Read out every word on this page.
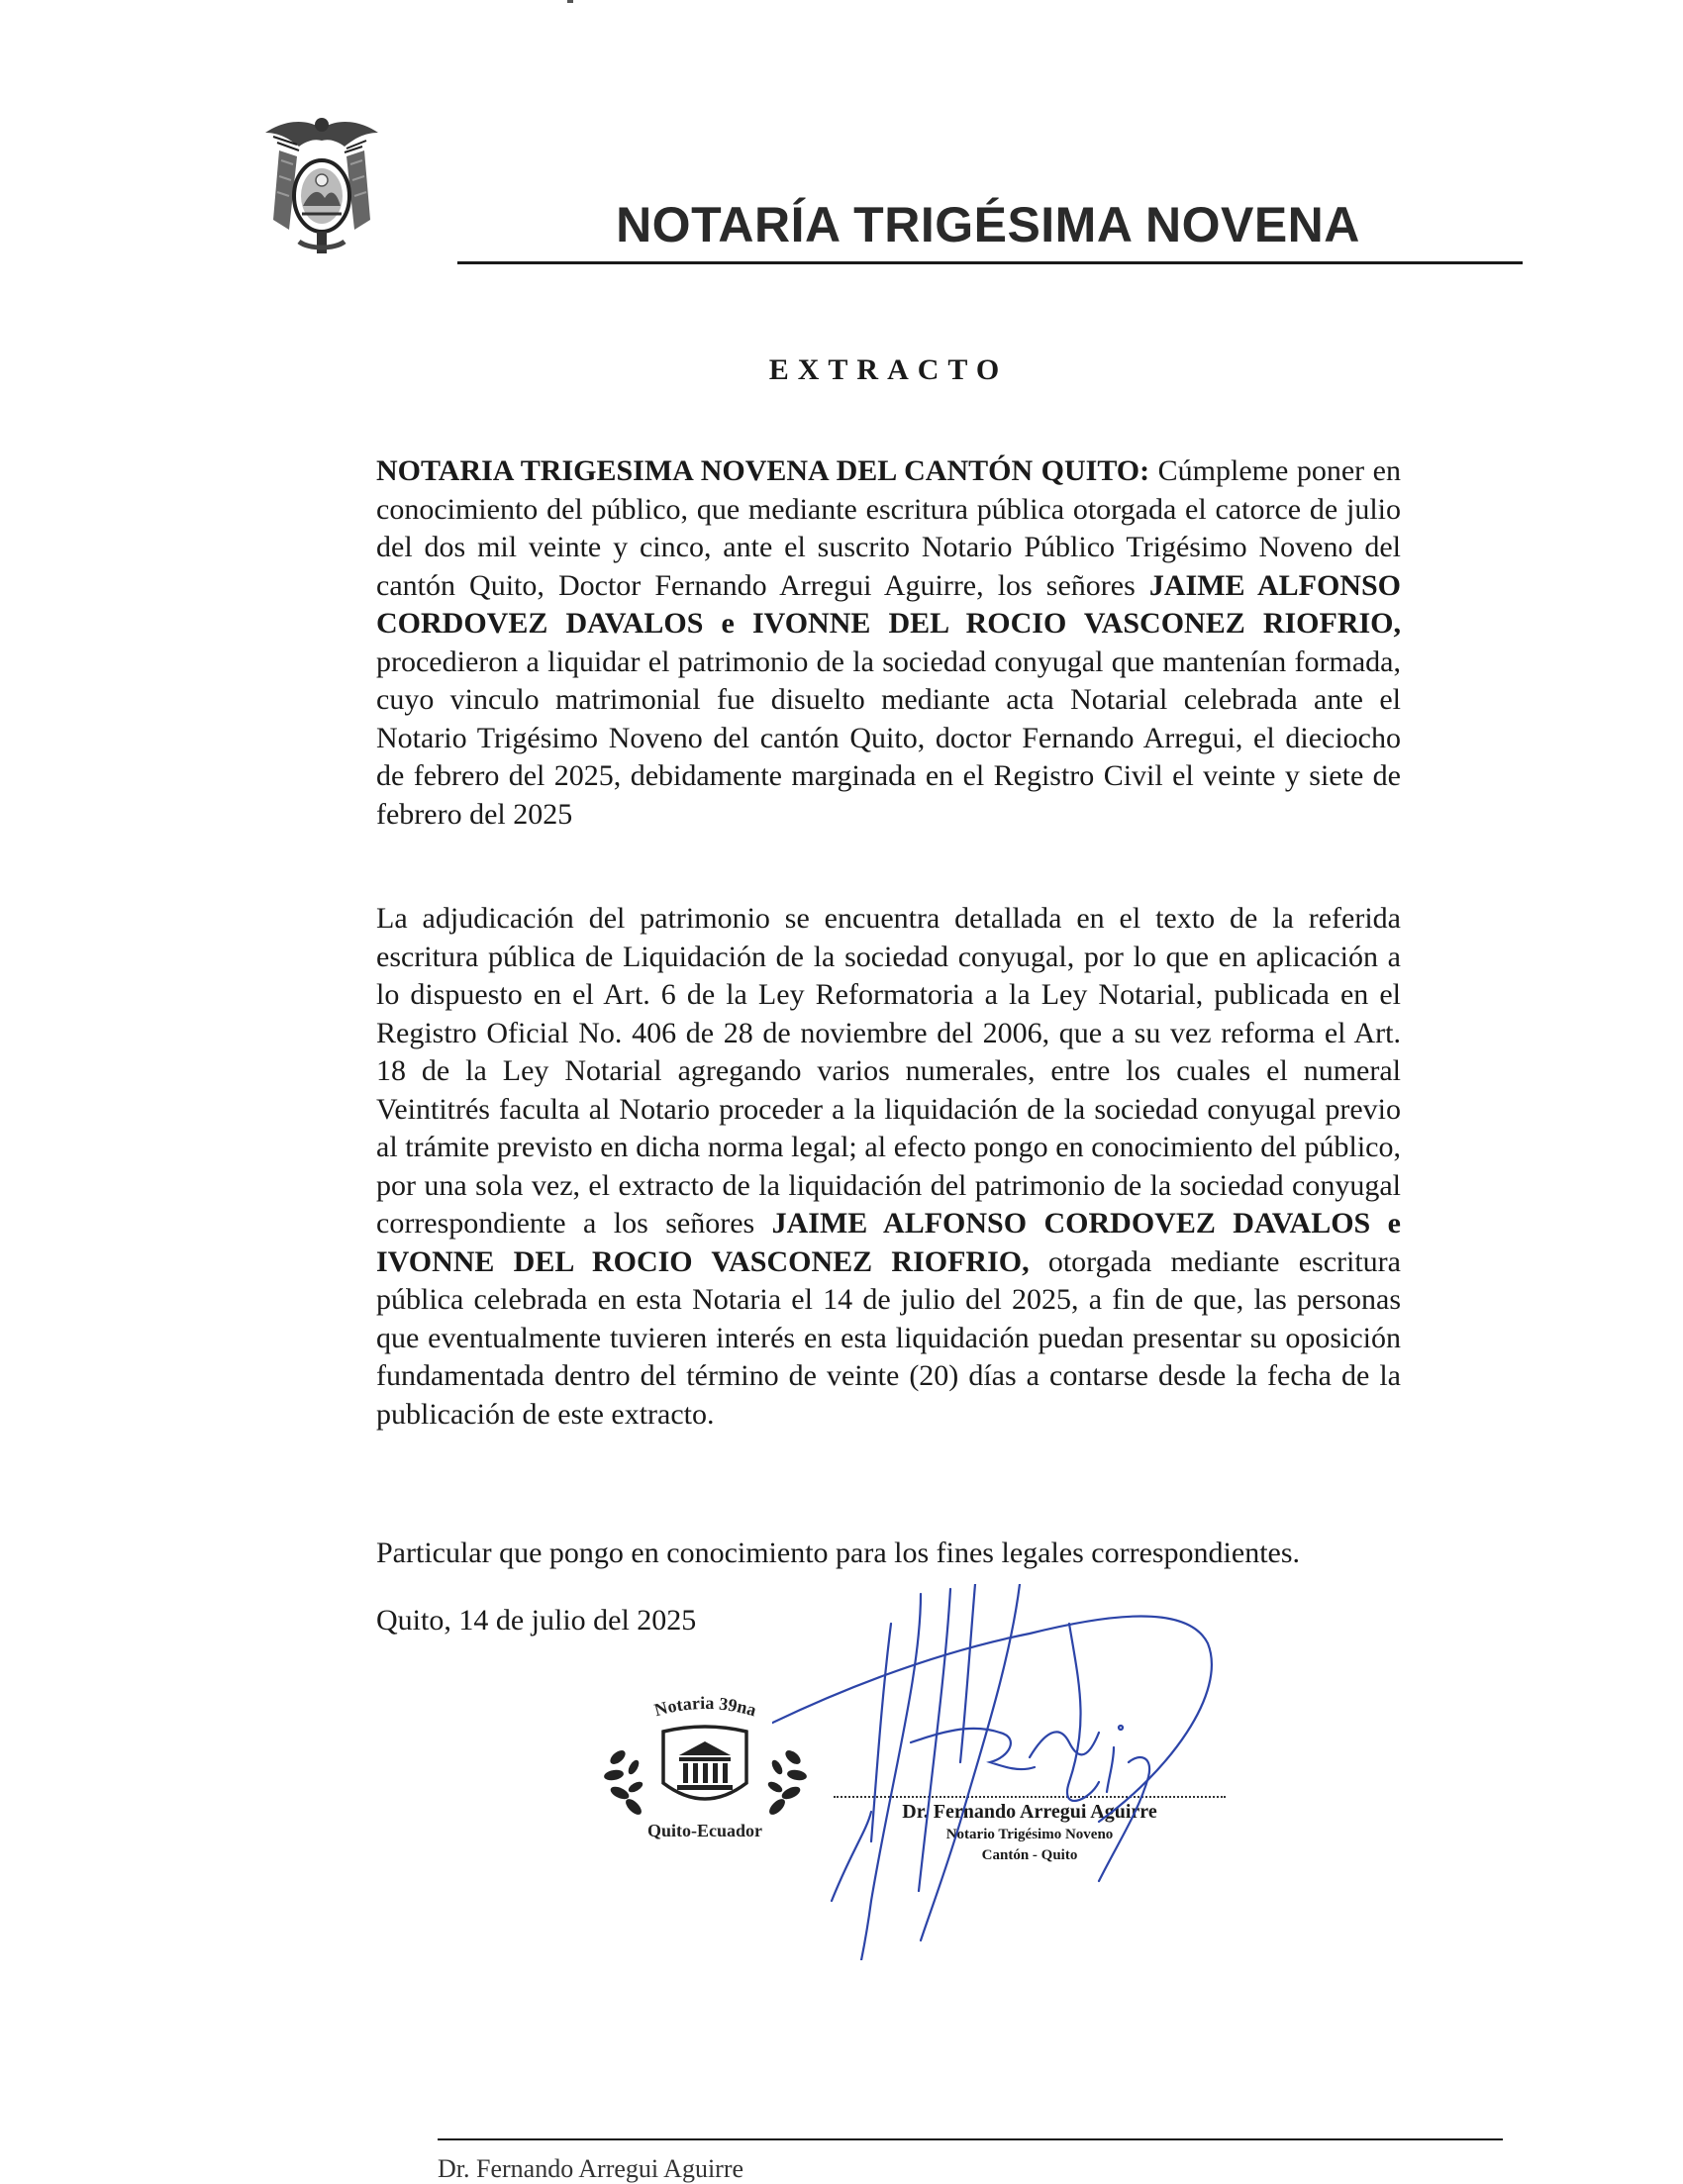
NOTARÍA TRIGÉSIMA NOVENA
EXTRACTO

NOTARIA TRIGESIMA NOVENA DEL CANTÓN QUITO: Cúmpleme poner en conocimiento del público, que mediante escritura pública otorgada el catorce de julio del dos mil veinte y cinco, ante el suscrito Notario Público Trigésimo Noveno del cantón Quito, Doctor Fernando Arregui Aguirre, los señores JAIME ALFONSO CORDOVEZ DAVALOS e IVONNE DEL ROCIO VASCONEZ RIOFRIO, procedieron a liquidar el patrimonio de la sociedad conyugal que mantenían formada, cuyo vinculo matrimonial fue disuelto mediante acta Notarial celebrada ante el Notario Trigésimo Noveno del cantón Quito, doctor Fernando Arregui, el dieciocho de febrero del 2025, debidamente marginada en el Registro Civil el veinte y siete de febrero del 2025

La adjudicación del patrimonio se encuentra detallada en el texto de la referida escritura pública de Liquidación de la sociedad conyugal, por lo que en aplicación a lo dispuesto en el Art. 6 de la Ley Reformatoria a la Ley Notarial, publicada en el Registro Oficial No. 406 de 28 de noviembre del 2006, que a su vez reforma el Art. 18 de la Ley Notarial agregando varios numerales, entre los cuales el numeral Veintitrés faculta al Notario proceder a la liquidación de la sociedad conyugal previo al trámite previsto en dicha norma legal; al efecto pongo en conocimiento del público, por una sola vez, el extracto de la liquidación del patrimonio de la sociedad conyugal correspondiente a los señores JAIME ALFONSO CORDOVEZ DAVALOS e IVONNE DEL ROCIO VASCONEZ RIOFRIO, otorgada mediante escritura pública celebrada en esta Notaria el 14 de julio del 2025, a fin de que, las personas que eventualmente tuvieren interés en esta liquidación puedan presentar su oposición fundamentada dentro del término de veinte (20) días a contarse desde la fecha de la publicación de este extracto.

Particular que pongo en conocimiento para los fines legales correspondientes.

Quito, 14 de julio del 2025

Notaria 39na
Quito-Ecuador
Dr. Fernando Arregui Aguirre
Notario Trigésimo Noveno
Cantón - Quito
Dr. Fernando Arregui Aguirre
